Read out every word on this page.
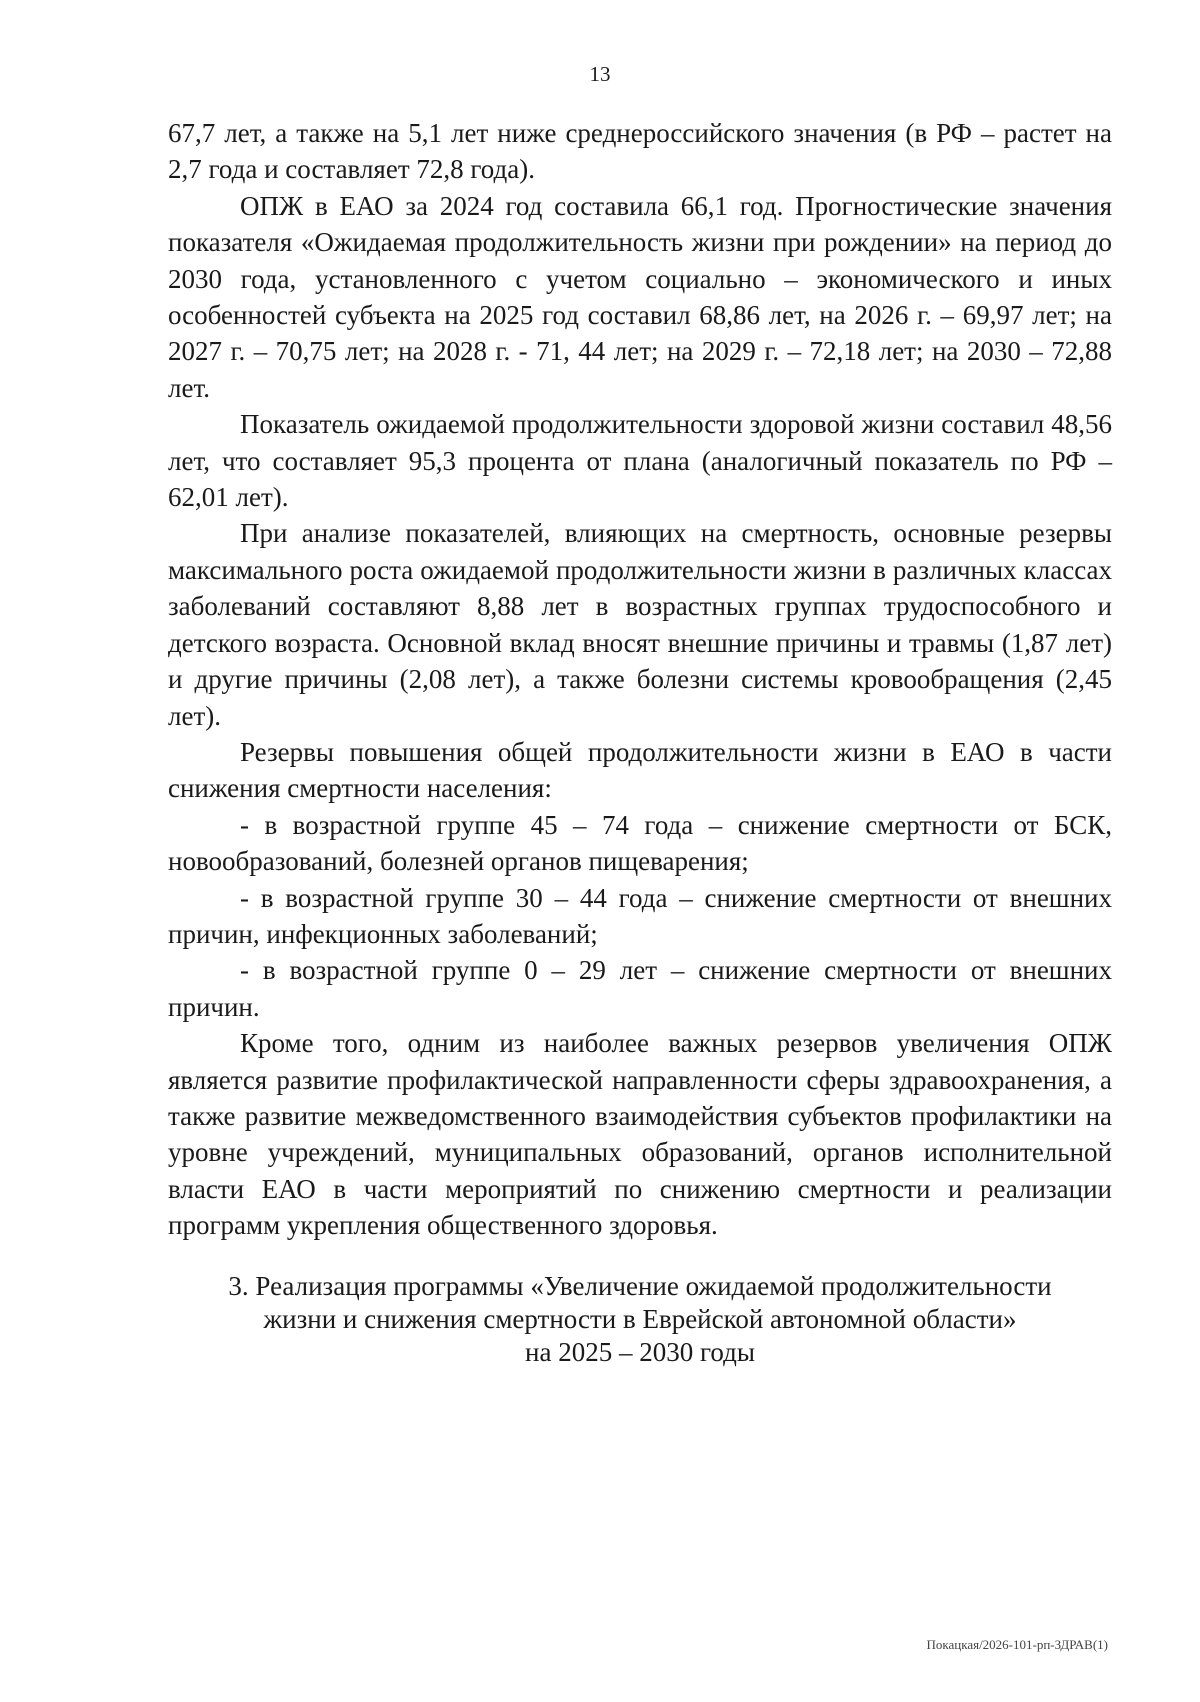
13

67,7 лет, а также на 5,1 лет ниже среднероссийского значения (в РФ – растет на 2,7 года и составляет 72,8 года).

ОПЖ в ЕАО за 2024 год составила 66,1 год. Прогностические значения показателя «Ожидаемая продолжительность жизни при рождении» на период до 2030 года, установленного с учетом социально – экономического и иных особенностей субъекта на 2025 год составил 68,86 лет, на 2026 г. – 69,97 лет; на 2027 г. – 70,75 лет; на 2028 г. - 71, 44 лет; на 2029 г. – 72,18 лет; на 2030 – 72,88 лет.

Показатель ожидаемой продолжительности здоровой жизни составил 48,56 лет, что составляет 95,3 процента от плана (аналогичный показатель по РФ – 62,01 лет).

При анализе показателей, влияющих на смертность, основные резервы максимального роста ожидаемой продолжительности жизни в различных классах заболеваний составляют 8,88 лет в возрастных группах трудоспособного и детского возраста. Основной вклад вносят внешние причины и травмы (1,87 лет) и другие причины (2,08 лет), а также болезни системы кровообращения (2,45 лет).

Резервы повышения общей продолжительности жизни в ЕАО в части снижения смертности населения:

- в возрастной группе 45 – 74 года – снижение смертности от БСК, новообразований, болезней органов пищеварения;

- в возрастной группе 30 – 44 года – снижение смертности от внешних причин, инфекционных заболеваний;

- в возрастной группе 0 – 29 лет – снижение смертности от внешних причин.

Кроме того, одним из наиболее важных резервов увеличения ОПЖ является развитие профилактической направленности сферы здравоохранения, а также развитие межведомственного взаимодействия субъектов профилактики на уровне учреждений, муниципальных образований, органов исполнительной власти ЕАО в части мероприятий по снижению смертности и реализации программ укрепления общественного здоровья.

3. Реализация программы «Увеличение ожидаемой продолжительности
жизни и снижения смертности в Еврейской автономной области»
на 2025 – 2030 годы
Покацкая/2026-101-рп-ЗДРАВ(1)
